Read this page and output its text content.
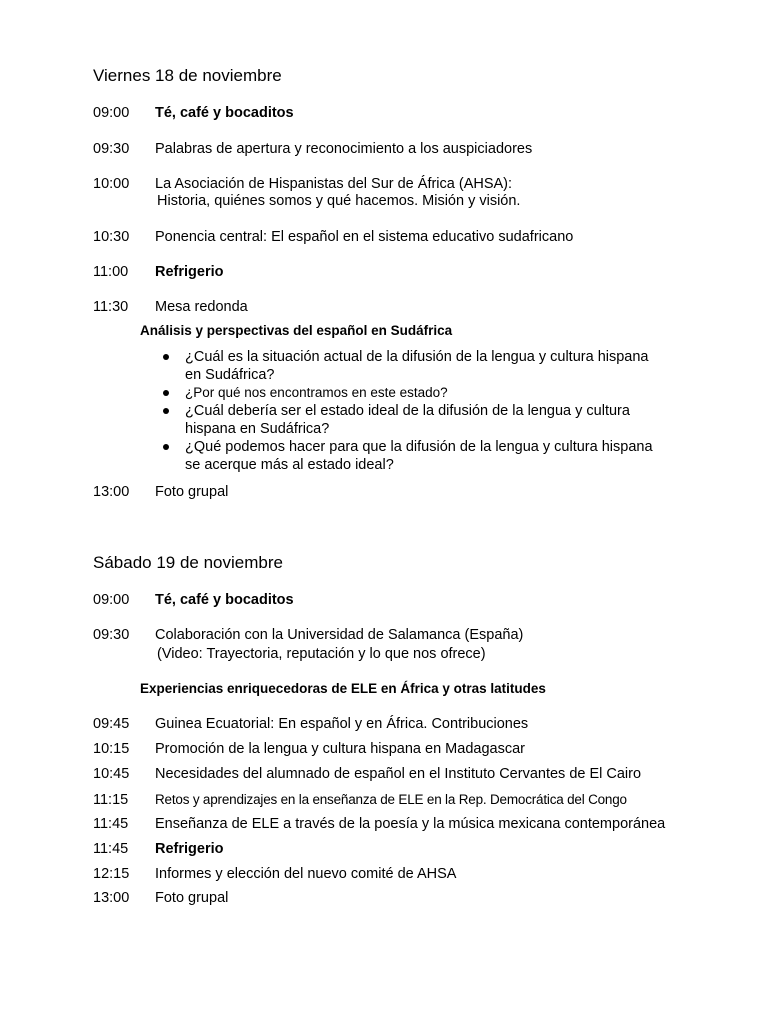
Viernes 18 de noviembre
09:00 Té, café y bocaditos
09:30 Palabras de apertura y reconocimiento a los auspiciadores
10:00 La Asociación de Hispanistas del Sur de África (AHSA):
Historia, quiénes somos y qué hacemos. Misión y visión.
10:30 Ponencia central: El español en el sistema educativo sudafricano
11:00 Refrigerio
11:30 Mesa redonda
Análisis y perspectivas del español en Sudáfrica
¿Cuál es la situación actual de la difusión de la lengua y cultura hispana
en Sudáfrica?
¿Por qué nos encontramos en este estado?
¿Cuál debería ser el estado ideal de la difusión de la lengua y cultura
hispana en Sudáfrica?
¿Qué podemos hacer para que la difusión de la lengua y cultura hispana
se acerque más al estado ideal?
13:00 Foto grupal
Sábado 19 de noviembre
09:00 Té, café y bocaditos
09:30 Colaboración con la Universidad de Salamanca (España)
(Video: Trayectoria, reputación y lo que nos ofrece)
Experiencias enriquecedoras de ELE en África y otras latitudes
09:45 Guinea Ecuatorial: En español y en África. Contribuciones
10:15 Promoción de la lengua y cultura hispana en Madagascar
10:45 Necesidades del alumnado de español en el Instituto Cervantes de El Cairo
11:15 Retos y aprendizajes en la enseñanza de ELE en la Rep. Democrática del Congo
11:45 Enseñanza de ELE a través de la poesía y la música mexicana contemporánea
11:45 Refrigerio
12:15 Informes y elección del nuevo comité de AHSA
13:00 Foto grupal
